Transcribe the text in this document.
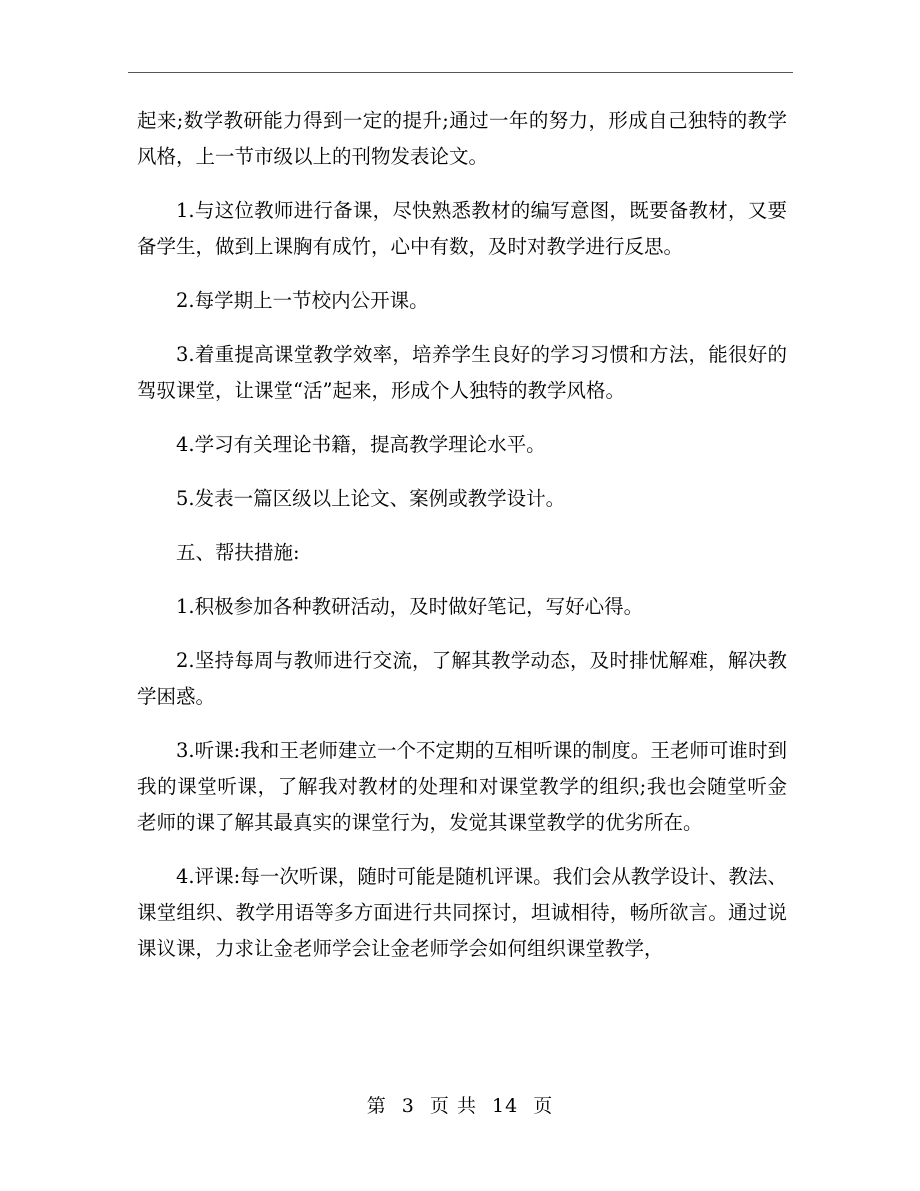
起来;数学教研能力得到一定的提升;通过一年的努力，形成自己独特的教学风格，上一节市级以上的刊物发表论文。

1.与这位教师进行备课，尽快熟悉教材的编写意图，既要备教材，又要备学生，做到上课胸有成竹，心中有数，及时对教学进行反思。

2.每学期上一节校内公开课。

3.着重提高课堂教学效率，培养学生良好的学习习惯和方法，能很好的驾驭课堂，让课堂“活”起来，形成个人独特的教学风格。

4.学习有关理论书籍，提高教学理论水平。

5.发表一篇区级以上论文、案例或教学设计。

五、帮扶措施:

1.积极参加各种教研活动，及时做好笔记，写好心得。

2.坚持每周与教师进行交流，了解其教学动态，及时排忧解难，解决教学困惑。

3.听课:我和王老师建立一个不定期的互相听课的制度。王老师可谁时到我的课堂听课，了解我对教材的处理和对课堂教学的组织;我也会随堂听金老师的课了解其最真实的课堂行为，发觉其课堂教学的优劣所在。

4.评课:每一次听课，随时可能是随机评课。我们会从教学设计、教法、课堂组织、教学用语等多方面进行共同探讨，坦诚相待，畅所欲言。通过说课议课，力求让金老师学会让金老师学会如何组织课堂教学，

第 3 页 共 14 页
